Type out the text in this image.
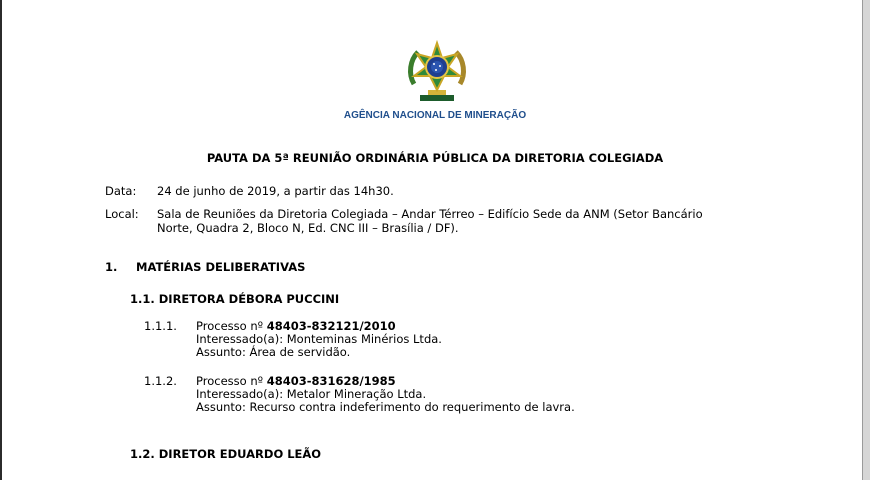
AGÊNCIA NACIONAL DE MINERAÇÃO
PAUTA DA 5ª REUNIÃO ORDINÁRIA PÚBLICA DA DIRETORIA COLEGIADA
Data: 24 de junho de 2019, a partir das 14h30.
Local: Sala de Reuniões da Diretoria Colegiada – Andar Térreo – Edifício Sede da ANM (Setor Bancário
Norte, Quadra 2, Bloco N, Ed. CNC III – Brasília / DF).
1. MATÉRIAS DELIBERATIVAS
1.1. DIRETORA DÉBORA PUCCINI
1.1.1. Processo nº 48403-832121/2010
Interessado(a): Monteminas Minérios Ltda.
Assunto: Área de servidão.
1.1.2. Processo nº 48403-831628/1985
Interessado(a): Metalor Mineração Ltda.
Assunto: Recurso contra indeferimento do requerimento de lavra.
1.2. DIRETOR EDUARDO LEÃO
